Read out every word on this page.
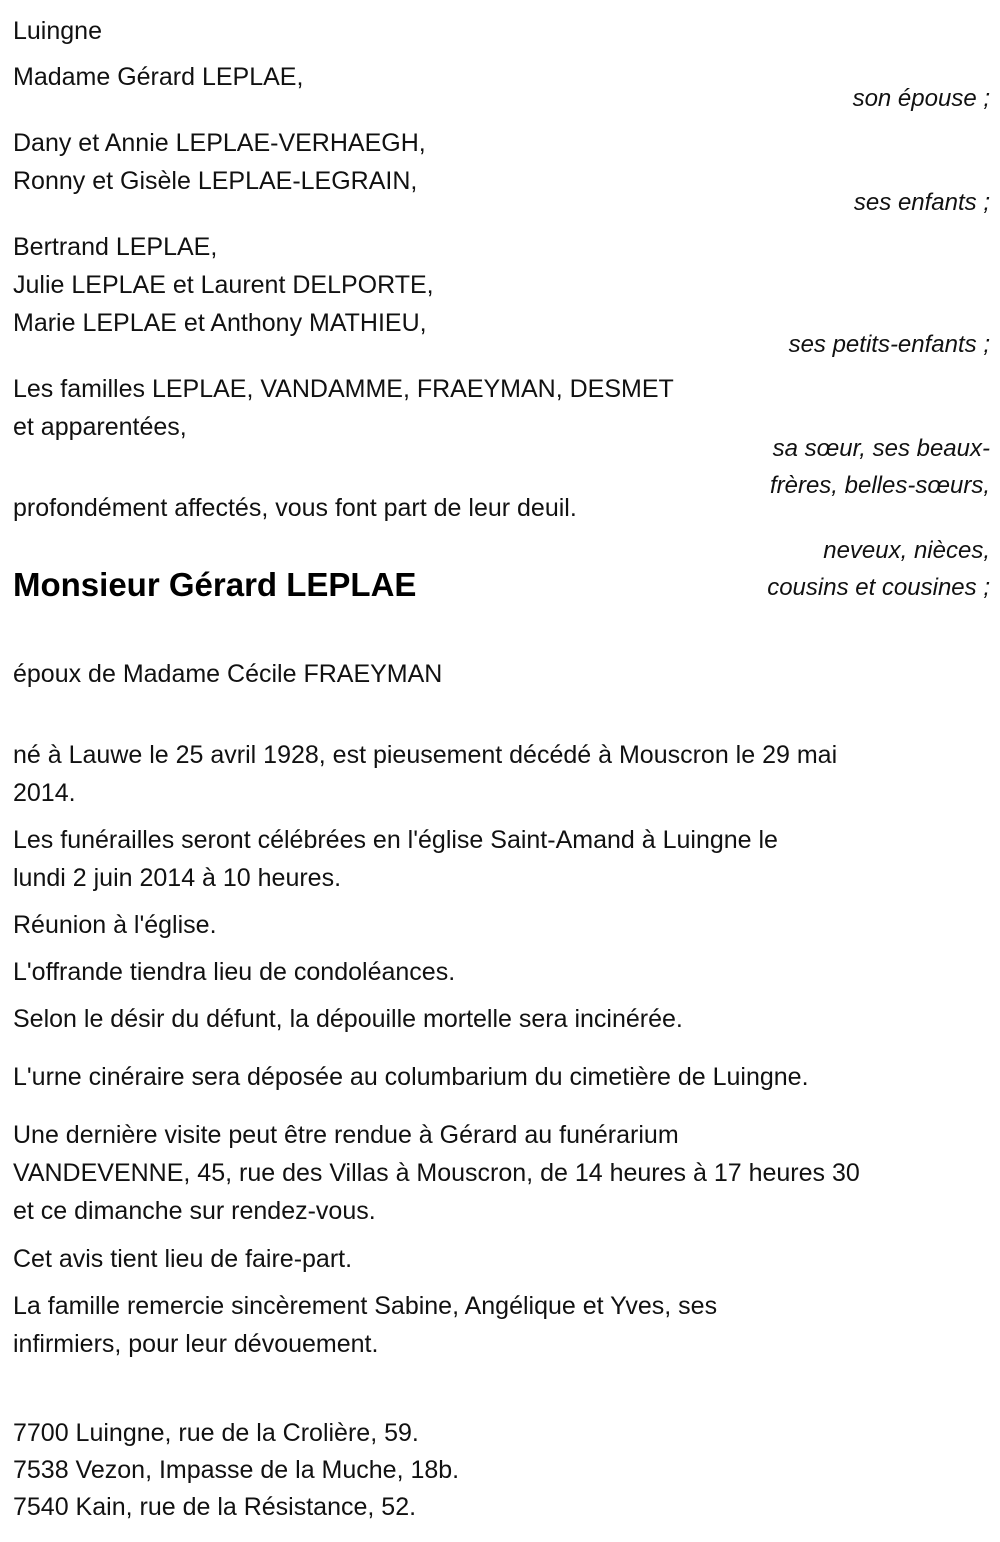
Luingne
Madame Gérard LEPLAE,
son épouse ;
Dany et Annie LEPLAE-VERHAEGH,
Ronny et Gisèle LEPLAE-LEGRAIN,
ses enfants ;
Bertrand LEPLAE,
Julie LEPLAE et Laurent DELPORTE,
Marie LEPLAE et Anthony MATHIEU,
ses petits-enfants ;
Les familles LEPLAE, VANDAMME, FRAEYMAN, DESMET
et apparentées,
sa sœur, ses beaux-frères, belles-sœurs,
neveux, nièces, cousins et cousines ;
profondément affectés, vous font part de leur deuil.
Monsieur Gérard LEPLAE
époux de Madame Cécile FRAEYMAN
né à Lauwe le 25 avril 1928, est pieusement décédé à Mouscron le 29 mai
2014.
Les funérailles seront célébrées en l'église Saint-Amand à Luingne le
lundi 2 juin 2014 à 10 heures.
Réunion à l'église.
L'offrande tiendra lieu de condoléances.
Selon le désir du défunt, la dépouille mortelle sera incinérée.
L'urne cinéraire sera déposée au columbarium du cimetière de Luingne.
Une dernière visite peut être rendue à Gérard au funérarium
VANDEVENNE, 45, rue des Villas à Mouscron, de 14 heures à 17 heures 30
et ce dimanche sur rendez-vous.
Cet avis tient lieu de faire-part.
La famille remercie sincèrement Sabine, Angélique et Yves, ses
infirmiers, pour leur dévouement.
7700 Luingne, rue de la Crolière, 59.
7538 Vezon, Impasse de la Muche, 18b.
7540 Kain, rue de la Résistance, 52.
